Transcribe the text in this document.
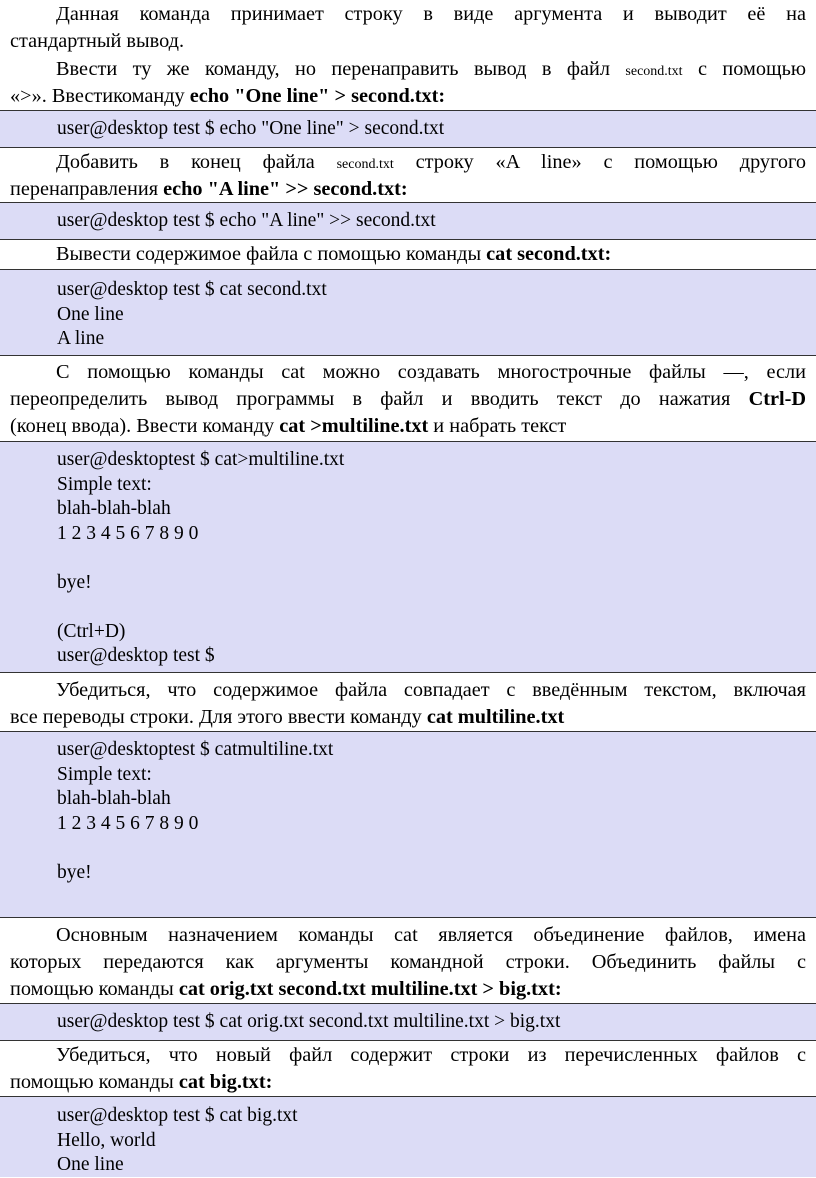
Данная команда принимает строку в виде аргумента и выводит её на
стандартный вывод.
Ввести ту же команду, но перенаправить вывод в файл second.txt с помощью
«>». Ввестикоманду echo "One line" > second.txt:
user@desktop test $ echo "One line" > second.txt
Добавить в конец файла second.txt строку «A line» с помощью другого
перенаправления echo "A line" >> second.txt:
user@desktop test $ echo "A line" >> second.txt
Вывести содержимое файла с помощью команды cat second.txt:
user@desktop test $ cat second.txt
One line
A line
С помощью команды cat можно создавать многострочные файлы —, если
переопределить вывод программы в файл и вводить текст до нажатия Ctrl-D
(конец ввода). Ввести команду cat >multiline.txt и набрать текст
user@desktoptest $ cat>multiline.txt
Simple text:
blah-blah-blah
1 2 3 4 5 6 7 8 9 0
bye!
(Ctrl+D)
user@desktop test $
Убедиться, что содержимое файла совпадает с введённым текстом, включая
все переводы строки. Для этого ввести команду cat multiline.txt
user@desktoptest $ catmultiline.txt
Simple text:
blah-blah-blah
1 2 3 4 5 6 7 8 9 0
bye!
Основным назначением команды cat является объединение файлов, имена
которых передаются как аргументы командной строки. Объединить файлы с
помощью команды cat orig.txt second.txt multiline.txt > big.txt:
user@desktop test $ cat orig.txt second.txt multiline.txt > big.txt
Убедиться, что новый файл содержит строки из перечисленных файлов с
помощью команды cat big.txt:
user@desktop test $ cat big.txt
Hello, world
One line
